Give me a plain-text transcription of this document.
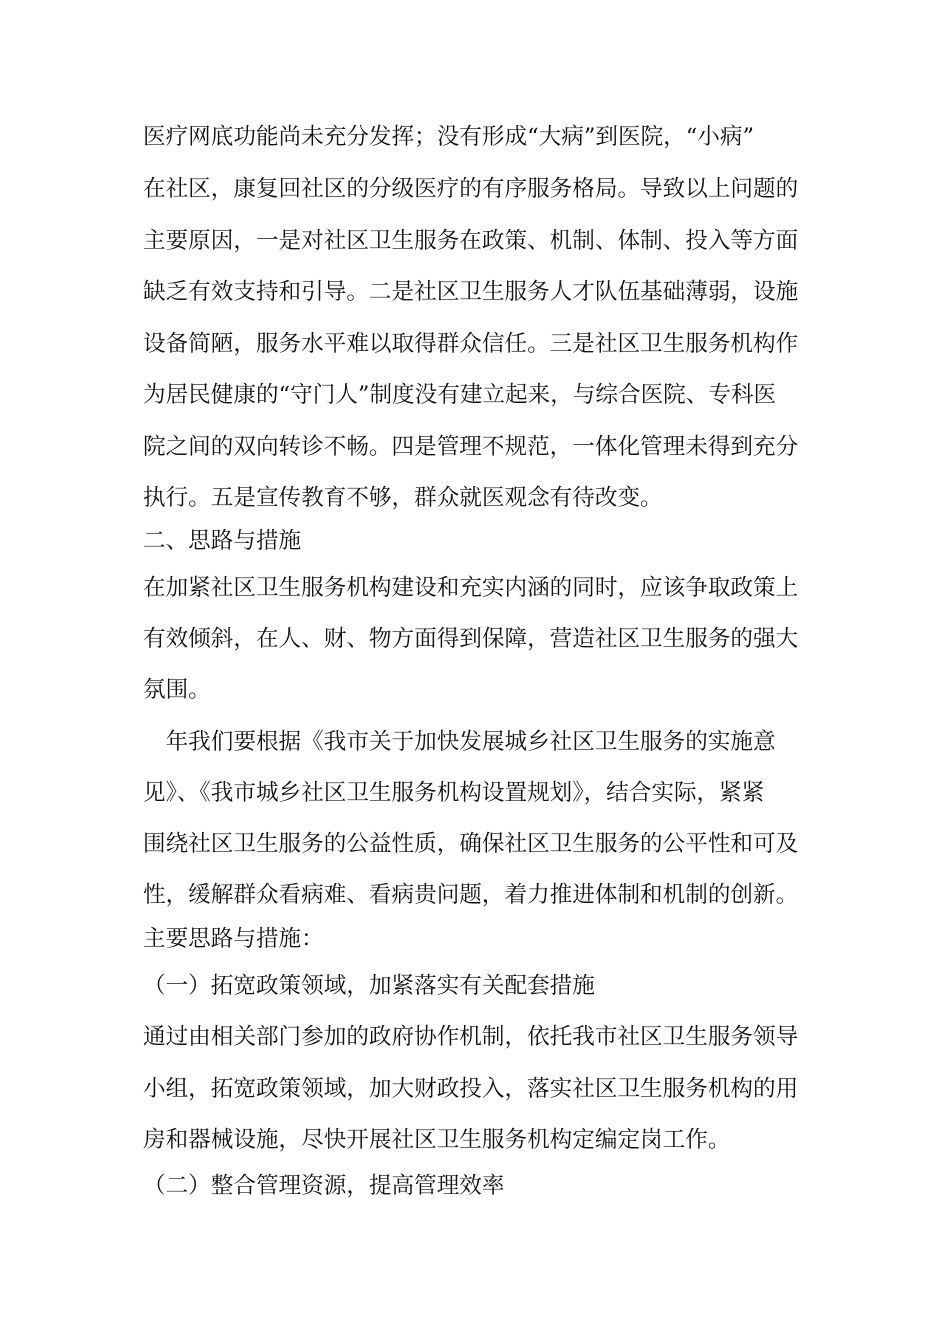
医疗网底功能尚未充分发挥；没有形成“大病”到医院，“小病”
在社区，康复回社区的分级医疗的有序服务格局。导致以上问题的
主要原因，一是对社区卫生服务在政策、机制、体制、投入等方面
缺乏有效支持和引导。二是社区卫生服务人才队伍基础薄弱，设施
设备简陋，服务水平难以取得群众信任。三是社区卫生服务机构作
为居民健康的“守门人”制度没有建立起来，与综合医院、专科医
院之间的双向转诊不畅。四是管理不规范，一体化管理未得到充分
执行。五是宣传教育不够，群众就医观念有待改变。
二、思路与措施
在加紧社区卫生服务机构建设和充实内涵的同时，应该争取政策上
有效倾斜，在人、财、物方面得到保障，营造社区卫生服务的强大
氛围。
　年我们要根据《我市关于加快发展城乡社区卫生服务的实施意
见》、《我市城乡社区卫生服务机构设置规划》，结合实际，紧紧
围绕社区卫生服务的公益性质，确保社区卫生服务的公平性和可及
性，缓解群众看病难、看病贵问题，着力推进体制和机制的创新。
主要思路与措施：
（一）拓宽政策领域，加紧落实有关配套措施
通过由相关部门参加的政府协作机制，依托我市社区卫生服务领导
小组，拓宽政策领域，加大财政投入，落实社区卫生服务机构的用
房和器械设施，尽快开展社区卫生服务机构定编定岗工作。
（二）整合管理资源，提高管理效率
